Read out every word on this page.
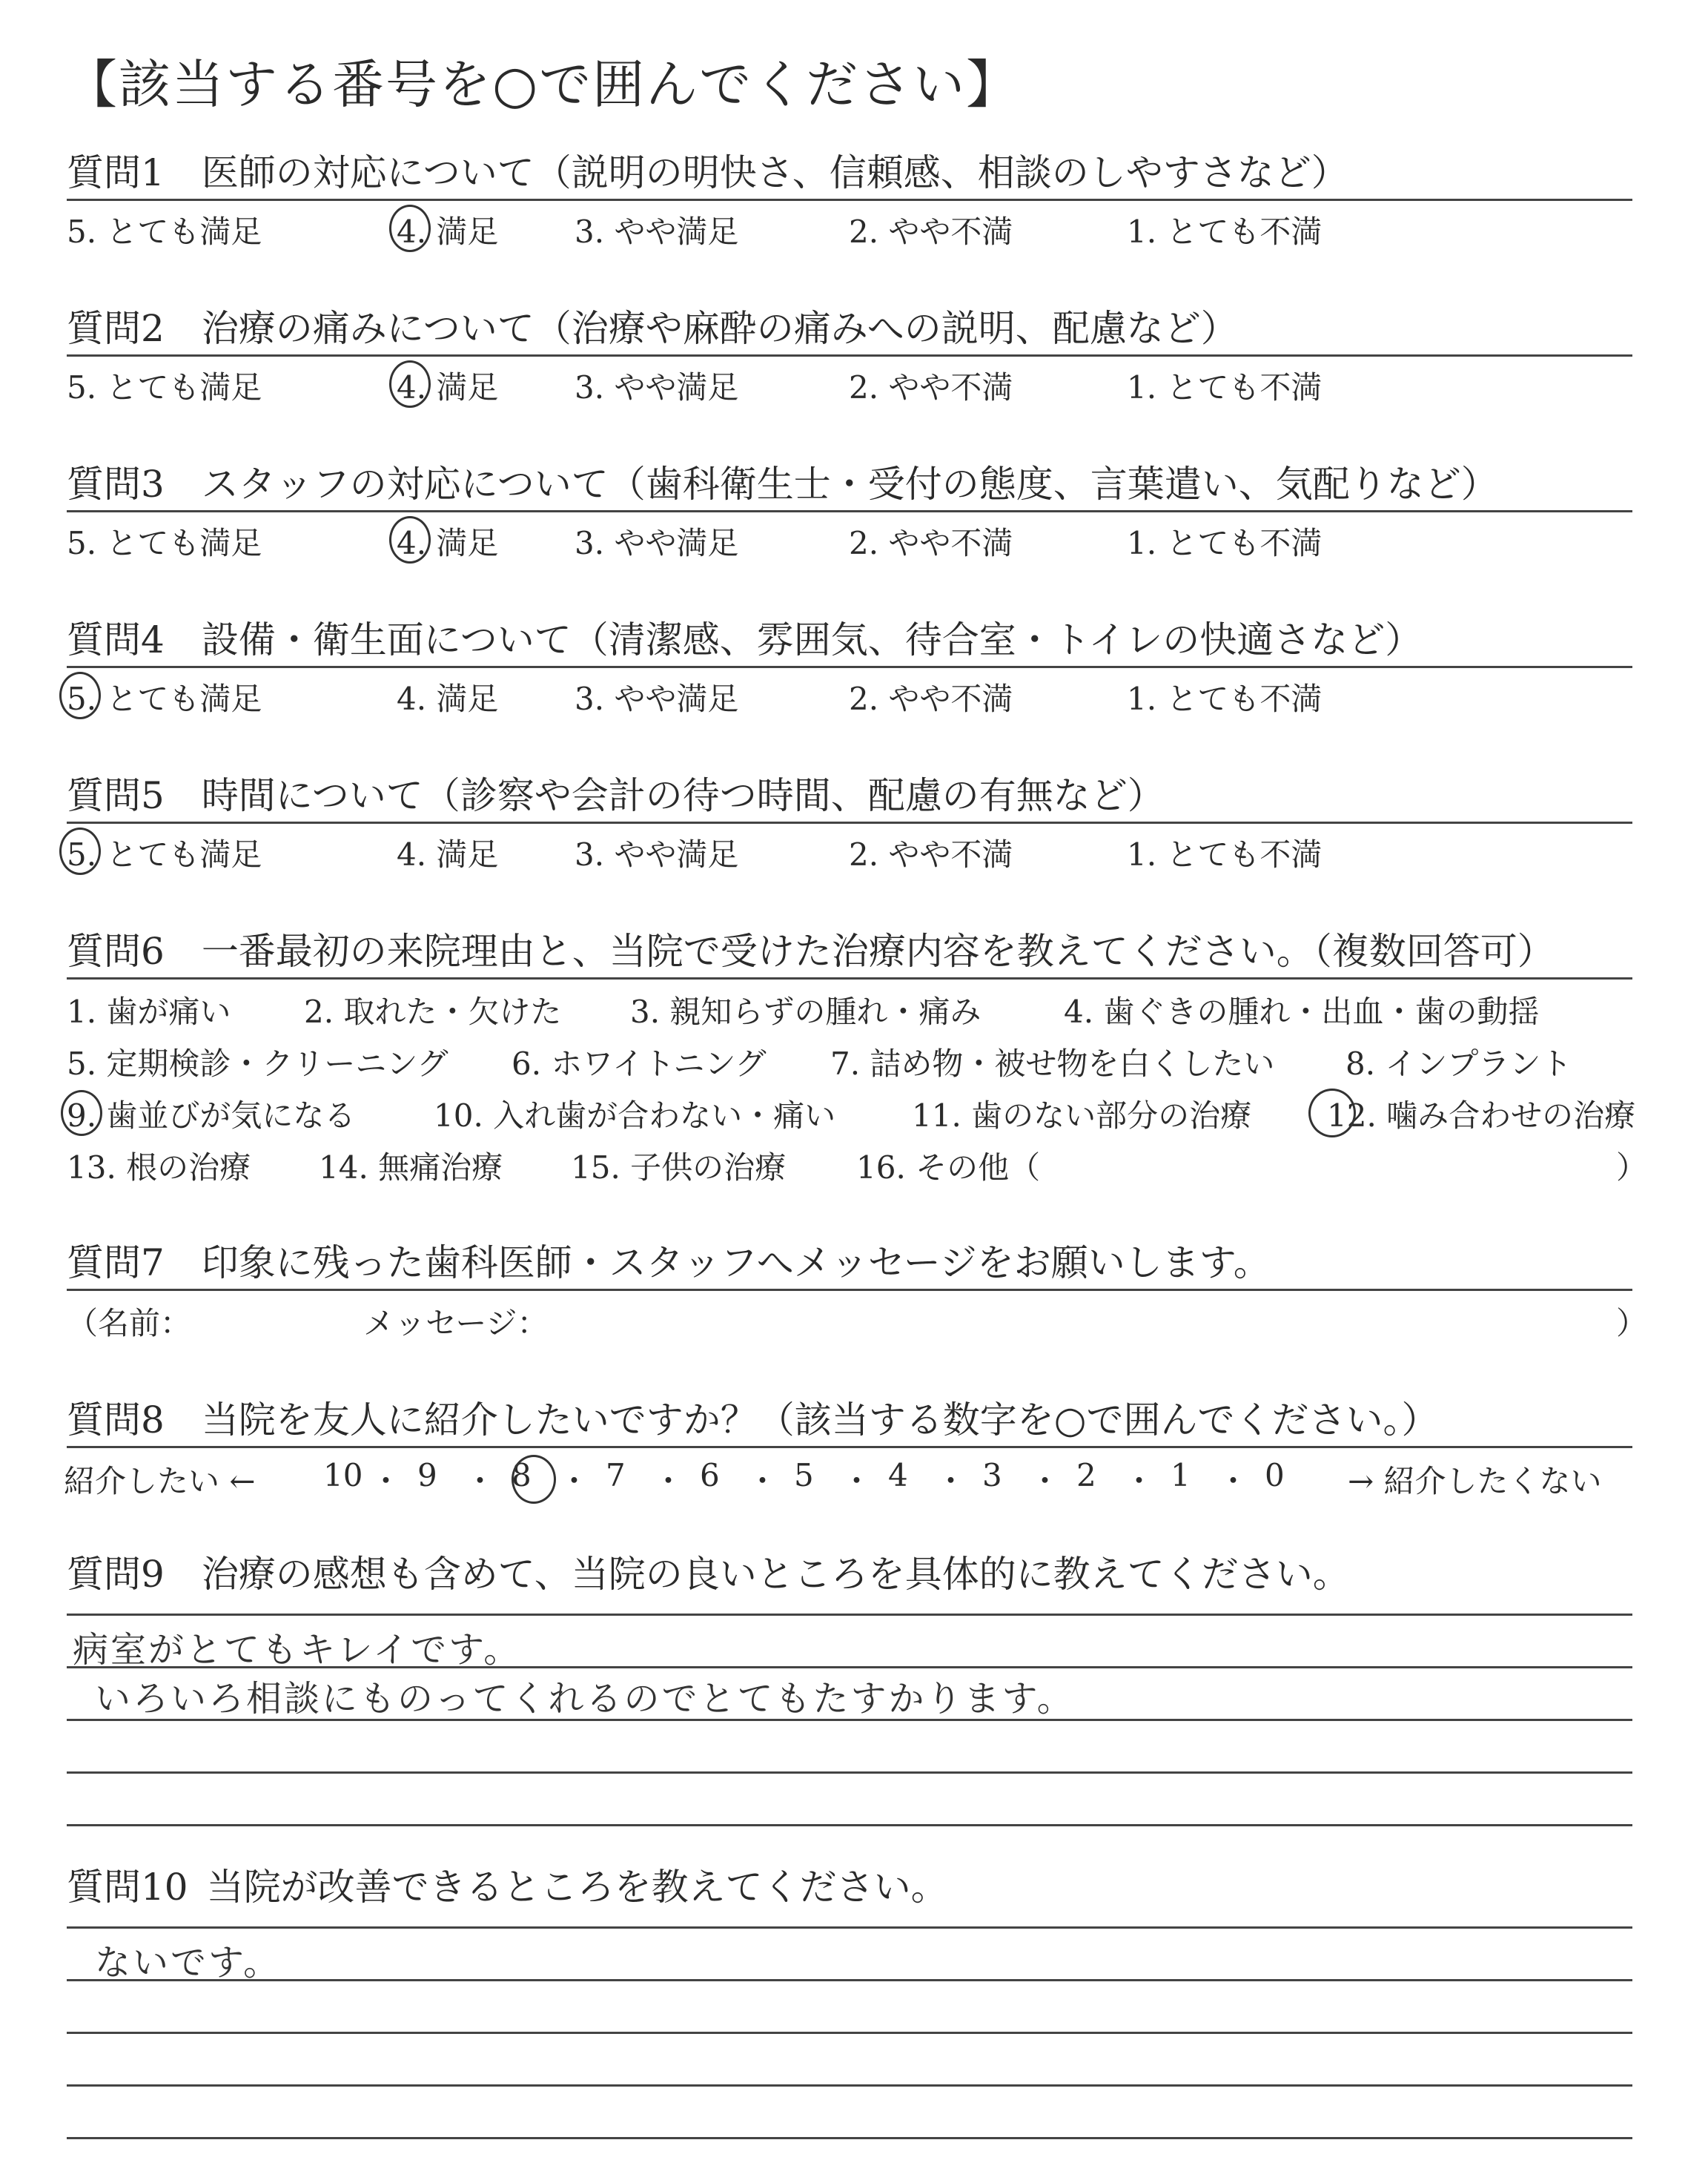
【該当する番号を○で囲んでください】
質問1  医師の対応について（説明の明快さ、信頼感、相談のしやすさなど）
5. とても満足	4. 満足 3. やや満足	2. やや不満	1. とても不満
質問2  治療の痛みについて（治療や麻酔の痛みへの説明、配慮など）
5. とても満足	4. 満足 3. やや満足	2. やや不満	1. とても不満
質問3  スタッフの対応について（歯科衛生士・受付の態度、言葉遣い、気配りなど）
5. とても満足	4. 満足 3. やや満足	2. やや不満	1. とても不満
質問4  設備・衛生面について（清潔感、雰囲気、待合室・トイレの快適さなど）
5. とても満足	4. 満足 3. やや満足	2. やや不満	1. とても不満
質問5  時間について（診察や会計の待つ時間、配慮の有無など）
5. とても満足	4. 満足 3. やや満足	2. やや不満	1. とても不満
質問6  一番最初の来院理由と、当院で受けた治療内容を教えてください。（複数回答可）
1. 歯が痛い 2. 取れた・欠けた 3. 親知らずの腫れ・痛み	4. 歯ぐきの腫れ・出血・歯の動揺
5. 定期検診・クリーニング 6. ホワイトニング 7. 詰め物・被せ物を白くしたい 8. インプラント
9. 歯並びが気になる	10. 入れ歯が合わない・痛い 11. 歯のない部分の治療 12. 噛み合わせの治療
13. 根の治療 14. 無痛治療 15. 子供の治療 16. その他（	）
質問7  印象に残った歯科医師・スタッフへメッセージをお願いします。
（名前：	メッセージ：	）
質問8  当院を友人に紹介したいですか？（該当する数字を○で囲んでください。）
紹介したい ←	→ 紹介したくない
10 ・ 9 ・ 8 ・ 7 ・ 6 ・ 5 ・ 4 ・ 3 ・ 2 ・ 1 ・ 0
質問9  治療の感想も含めて、当院の良いところを具体的に教えてください。
病室がとてもキレイです。
いろいろ相談にものってくれるのでとてもたすかります。
質問10  当院が改善できるところを教えてください。
ないです。
